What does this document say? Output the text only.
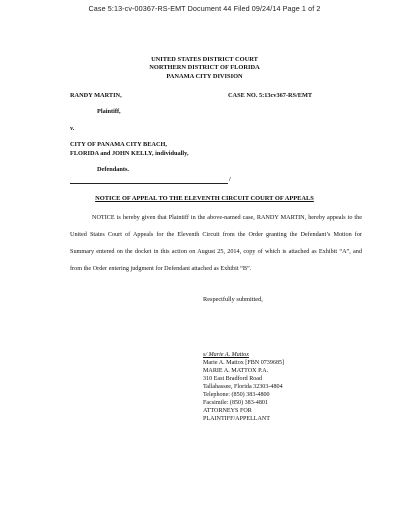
Case 5:13-cv-00367-RS-EMT Document 44 Filed 09/24/14 Page 1 of 2
UNITED STATES DISTRICT COURT
NORTHERN DISTRICT OF FLORIDA
PANAMA CITY DIVISION
RANDY MARTIN,	CASE NO. 5:13cv367-RS/EMT
Plaintiff,
v.
CITY OF PANAMA CITY BEACH,
FLORIDA and JOHN KELLY, individually,
Defendants.
/
NOTICE OF APPEAL TO THE ELEVENTH CIRCUIT COURT OF APPEALS

NOTICE is hereby given that Plaintiff in the above-named case, RANDY MARTIN, hereby appeals to the United States Court of Appeals for the Eleventh Circuit from the Order granting the Defendant’s Motion for Summary entered on the docket in this action on August 25, 2014, copy of which is attached as Exhibit “A”, and from the Order entering judgment for Defendant attached as Exhibit “B”.

Respectfully submitted,
s/ Marie A. Mattox
Marie A. Mattox [FBN 0739685]
MARIE A. MATTOX P.A.
310 East Bradford Road
Tallahassee, Florida 32303-4804
Telephone: (850) 383-4800
Facsimile: (850) 383-4801
ATTORNEYS FOR
PLAINTIFF/APPELLANT
